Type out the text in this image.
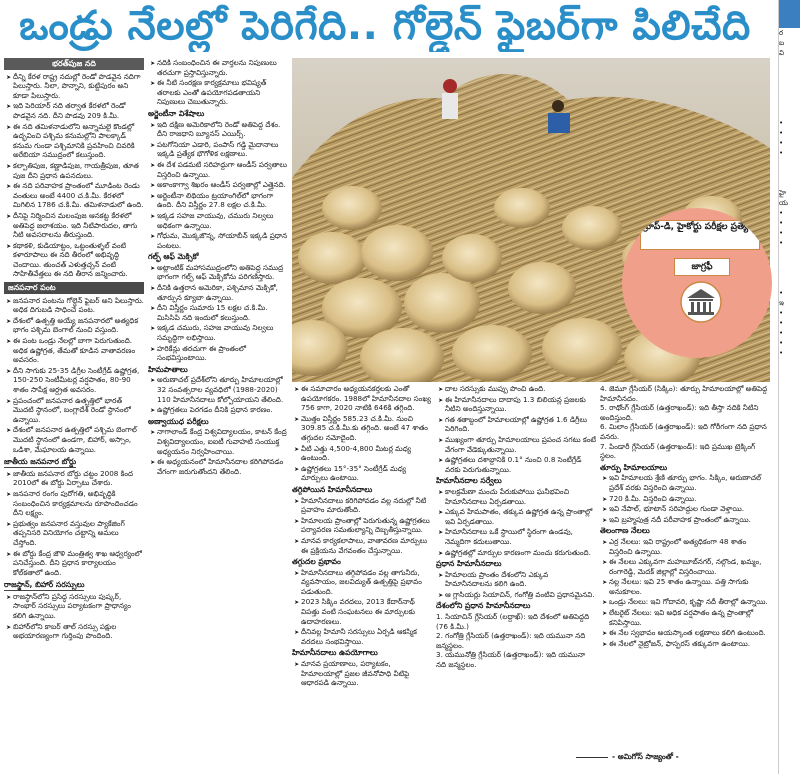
ఒండ్రు నేలల్లో పెరిగేది.. గోల్డెన్ ఫైబర్‌గా పిలిచేది
భరత్‌పుజ నది
• దీన్ని కేరళ రాష్ట్ర నదుల్లో రెండో పొడవైన నదిగా పిలుస్తారు. నీలా, పొన్నాని, కుట్టిపురం అని కూడా పిలుస్తారు.
• ఇది పెరియార్ నది తర్వాత కేరళలో రెండో పొడవైన నది. దీని పొడవు 209 కి.మీ.
• ఈ నది తమిళనాడులోని అన్నామలై కొండల్లో ఉద్భవించి పశ్చిమ కనుమల్లోని పాలక్కాడ్ కనుమ గుండా పశ్చిమానికి ప్రవహించి చివరికి అరేబియా సముద్రంలో కలుస్తుంది.
• కల్పాతిపుజ, కణ్ణాడిపుజ, గాయత్రీపుజ, తూత పుజ దీని ప్రధాన ఉపనదులు.
• ఈ నది పరివాహక ప్రాంతంలో మూడింట రెండు వంతులు అంటే 4400 చ.కి.మీ. కేరళలో మిగిలిన 1786 చ.కి.మీ. తమిళనాడులో ఉంది.
• దీనిపై నిర్మించిన మలంపుజ ఆనకట్ట కేరళలో అతిపెద్ద జలాశయం. ఇది నీటిపారుదల, తాగు నీటి అవసరాలను తీరుస్తుంది.
• కథాకళి, కుడియాట్టం, ఒట్టంతుళ్ళల్ వంటి కళారూపాలు ఈ నది తీరంలో అభివృద్ధి చెందాయి. తుంచత్ ఎళుత్తచ్చన్ వంటి సాహితీవేత్తలు ఈ నది తీరాన జన్మించారు.
జనపనార పంట
• జనపనార పంటను గోల్డెన్ ఫైబర్ అని పిలుస్తారు. అధిక దిగుబడి సాధించే పంట.
• దేశంలో ఉత్పత్తి అయ్యే జనపనారలో అత్యధిక భాగం పశ్చిమ బెంగాల్ నుంచి వస్తుంది.
• ఈ పంట ఒండ్రు నేలల్లో బాగా పెరుగుతుంది. అధిక ఉష్ణోగ్రత, తేమతో కూడిన వాతావరణం అవసరం.
• దీని సాగుకు 25-35 డిగ్రీల సెంటీగ్రేడ్ ఉష్ణోగ్రత, 150-250 సెంటీమీటర్ల వర్షపాతం, 80-90 శాతం సాపేక్ష ఆర్ద్రత అవసరం.
• ప్రపంచంలో జనపనార ఉత్పత్తిలో భారత్ మొదటి స్థానంలో, బంగ్లాదేశ్ రెండో స్థానంలో ఉన్నాయి.
• దేశంలో జనపనార ఉత్పత్తిలో పశ్చిమ బెంగాల్ మొదటి స్థానంలో ఉండగా, బిహార్, అస్సాం, ఒడిశా, మేఘాలయ ఉన్నాయి.
జాతీయ జనపనార బోర్డు
• జాతీయ జనపనార బోర్డు చట్టం 2008 కింద 2010లో ఈ బోర్డు ఏర్పాటు చేశారు.
• జనపనార రంగం పురోగతి, అభివృద్ధికి సంబంధించిన కార్యక్రమాలను రూపొందించడం దీని లక్ష్యం.
• ప్రభుత్వం జనపనార వస్తువుల ప్యాకేజింగ్ తప్పనిసరి వినియోగం చట్టాన్ని అమలు చేస్తోంది.
• ఈ బోర్డు కేంద్ర జౌళి మంత్రిత్వ శాఖ ఆధ్వర్యంలో పనిచేస్తుంది. దీని ప్రధాన కార్యాలయం కోల్‌కతాలో ఉంది.
రాజస్థాన్, బిహార్ సరస్సులు
• రాజస్థాన్‌లోని ప్రసిద్ధ సరస్సులు పుష్కర్, సాంభార్ సరస్సులు పర్యాటకంగా ప్రాధాన్యం కలిగి ఉన్నాయి.
• బిహార్‌లోని కాబర్ తాల్ సరస్సు పక్షుల అభయారణ్యంగా గుర్తింపు పొందింది.
• నదికి సంబంధించిన ఈ వార్తలను నిపుణులు తరచుగా ప్రస్తావిస్తున్నారు.
• ఈ నీటి సంరక్షణ కార్యక్రమాలు భవిష్యత్ తరాలకు ఎంతో ఉపయోగపడతాయని నిపుణులు చెబుతున్నారు.
అర్జెంటీనా విశేషాలు
• ఇది దక్షిణ అమెరికాలోని రెండో అతిపెద్ద దేశం. దీని రాజధాని బ్యూనస్ ఎయిర్స్.
• పటగోనియా ఎడారి, పంపాస్ గడ్డి మైదానాలు ఇక్కడి ప్రత్యేక భౌగోళిక లక్షణాలు.
• ఈ దేశ పడమటి సరిహద్దుగా ఆండీస్ పర్వతాలు విస్తరించి ఉన్నాయి.
• అకాంకాగ్వా శిఖరం ఆండీస్ పర్వతాల్లో ఎత్తైనది.
• అర్జెంటీనా లిథియం ట్రయాంగిల్‌లో భాగంగా ఉంది. దీని విస్తీర్ణం 27.8 లక్షల చ.కి.మీ.
• ఇక్కడ సహజ వాయువు, చమురు నిల్వలు అధికంగా ఉన్నాయి.
• గోధుమ, మొక్కజొన్న, సోయాబీన్ ఇక్కడి ప్రధాన పంటలు.
గల్ఫ్ ఆఫ్ మెక్సికో
• అట్లాంటిక్ మహాసముద్రంలోని అతిపెద్ద సముద్ర భాగంగా గల్ఫ్ ఆఫ్ మెక్సికోను పరిగణిస్తారు.
• దీనికి ఉత్తరాన అమెరికా, పశ్చిమాన మెక్సికో, తూర్పున క్యూబా ఉన్నాయి.
• దీని విస్తీర్ణం సుమారు 15 లక్షల చ.కి.మీ. మిసిసిపి నది ఇందులో కలుస్తుంది.
• ఇక్కడ చమురు, సహజ వాయువు నిల్వలు సమృద్ధిగా లభిస్తాయి.
• హరికేన్లు తరచుగా ఈ ప్రాంతంలో సంభవిస్తుంటాయి.
హిమపాతాలు
• అరుణాచల్ ప్రదేశ్‌లోని తూర్పు హిమాలయాల్లో 32 సంవత్సరాల వ్యవధిలో (1988-2020) 110 హిమానీనదాలు కోల్పోయాయని తేలింది.
• ఉష్ణోగ్రతలు పెరగడం దీనికి ప్రధాన కారణం.
అణ్వాయుధ పరీక్షలు
• నాగాలాండ్ కేంద్ర విశ్వవిద్యాలయం, కాటన్ కేంద్ర విశ్వవిద్యాలయం, ఐఐటీ గువాహటి సంయుక్త అధ్యయనం నిర్వహించాయి.
• ఈ అధ్యయనంలో హిమానీనదాల కరిగిపోవడం వేగంగా జరుగుతోందని తేలింది.
• ఈ సమాచారం అధ్యయనకర్తలకు ఎంతో ఉపయోగకరం. 1988లో హిమానీనదాల సంఖ్య 756 కాగా, 2020 నాటికి 646కి తగ్గింది.
• మొత్తం విస్తీర్ణం 585.23 చ.కి.మీ. నుంచి 309.85 చ.కి.మీ.కు తగ్గింది. అంటే 47 శాతం తగ్గుదల నమోదైంది.
• వీటి ఎత్తు 4,500-4,800 మీటర్ల మధ్య ఉంటుంది.
• ఉష్ణోగ్రతలు 15°-35° సెంటీగ్రేడ్ మధ్య మార్పులు ఉంటాయి.
తగ్గిపోయిన హిమానీనదాలు
• హిమానీనదాలు కరిగిపోవడం వల్ల నదుల్లో నీటి ప్రవాహం మారుతోంది.
• హిమాలయ ప్రాంతాల్లో పెరుగుతున్న ఉష్ణోగ్రతలు పర్యావరణ సమతుల్యాన్ని దెబ్బతీస్తున్నాయి.
• మానవ కార్యకలాపాలు, వాతావరణ మార్పులు ఈ ప్రక్రియను వేగవంతం చేస్తున్నాయి.
తగ్గుదల ప్రభావం
• హిమానీనదాలు తగ్గిపోవడం వల్ల తాగునీరు, వ్యవసాయం, జలవిద్యుత్ ఉత్పత్తిపై ప్రభావం పడుతుంది.
• 2023 సిక్కిం వరదలు, 2013 కేదార్‌నాథ్ విపత్తు వంటి సంఘటనలు ఈ మార్పులకు ఉదాహరణలు.
• దీనివల్ల హిమానీ సరస్సులు ఏర్పడి ఆకస్మిక వరదలు సంభవిస్తాయి.
హిమానీనదాలు ఉపయోగాలు
• మానవ ప్రయాణాలు, పర్యాటకం, హిమాలయాల్లో ప్రజల జీవనోపాధి వీటిపై ఆధారపడి ఉన్నాయి.
• దాల సరస్సుకు ముప్పు పొంచి ఉంది.
• ఈ హిమానీనదాలు దాదాపు 1.3 బిలియన్ల ప్రజలకు నీటిని అందిస్తున్నాయి.
• గత శతాబ్దంలో హిమాలయాల్లో ఉష్ణోగ్రత 1.6 డిగ్రీలు పెరిగింది.
• ముఖ్యంగా తూర్పు హిమాలయాలు ప్రపంచ సగటు కంటే వేగంగా వేడెక్కుతున్నాయి.
• ఉష్ణోగ్రతలు దశాబ్దానికి 0.1° నుంచి 0.8 సెంటీగ్రేడ్ వరకు పెరుగుతున్నాయి.
హిమానీనదాల సర్వేలు
• కాలక్రమేణా మంచు పేరుకుపోయి ఘనీభవించి హిమానీనదాలు ఏర్పడతాయి.
• ఎక్కువ హిమపాతం, తక్కువ ఉష్ణోగ్రత ఉన్న ప్రాంతాల్లో ఇవి ఏర్పడతాయి.
• హిమానీనదాలు ఒకే స్థాయిలో స్థిరంగా ఉండవు, నెమ్మదిగా కదులుతాయి.
• ఉష్ణోగ్రతల్లో మార్పుల కారణంగా మంచు కరుగుతుంది.
ప్రధాన హిమానీనదాలు
• హిమాలయ ప్రాంతం దేశంలోని ఎక్కువ హిమానీనదాలను కలిగి ఉంది.
• ఆ గ్లాసియర్లు సియాచిన్, గంగోత్రి వంటివి ప్రధానమైనవి.
దేశంలోని ప్రధాన హిమానీనదాలు
1. సియాచిన్ గ్లేసియర్ (లద్దాఖ్): ఇది దేశంలో అతిపెద్దది (76 కి.మీ.)
2. గంగోత్రి గ్లేసియర్ (ఉత్తరాఖండ్): ఇది యమునా నది జన్మస్థలం.
3. యమునోత్రి గ్లేసియర్ (ఉత్తరాఖండ్): ఇది యమునా నది జన్మస్థలం.
4. జెమూ గ్లేసియర్ (సిక్కిం): తూర్పు హిమాలయాల్లో అతిపెద్ద హిమానీనదం.
5. రాథోంగ్ గ్లేసియర్ (ఉత్తరాఖండ్): ఇది తీస్తా నదికి నీటిని అందిస్తుంది.
6. మిలాం గ్లేసియర్ (ఉత్తరాఖండ్): ఇది గోరీగంగా నది ప్రధాన వనరు.
7. పిండారీ గ్లేసియర్ (ఉత్తరాఖండ్): ఇది ప్రముఖ ట్రెక్కింగ్ స్థలం.
తూర్పు హిమాలయాలు
• ఇవి హిమాలయ శ్రేణి తూర్పు భాగం. సిక్కిం, అరుణాచల్ ప్రదేశ్ వరకు విస్తరించి ఉన్నాయి.
• 720 కి.మీ. విస్తరించి ఉన్నాయి.
• ఇవి నేపాల్, భూటాన్ సరిహద్దుల గుండా వెళ్తాయి.
• ఇవి బ్రహ్మపుత్ర నదీ పరీవాహక ప్రాంతంలో ఉన్నాయి.
తెలంగాణ నేలలు
• ఎర్ర నేలలు: ఇవి రాష్ట్రంలో అత్యధికంగా 48 శాతం విస్తరించి ఉన్నాయి.
• ఈ నేలలు ఎక్కువగా మహబూబ్‌నగర్, నల్గొండ, ఖమ్మం, రంగారెడ్డి, మెదక్ జిల్లాల్లో విస్తరించాయి.
• నల్ల నేలలు: ఇవి 25 శాతం ఉన్నాయి. పత్తి సాగుకు అనుకూలం.
• ఒండ్రు నేలలు: ఇవి గోదావరి, కృష్ణా నదీ తీరాల్లో ఉన్నాయి.
• లేటరైట్ నేలలు: ఇవి అధిక వర్షపాతం ఉన్న ప్రాంతాల్లో కనిపిస్తాయి.
• ఈ నేల స్వభావం అయస్కాంత లక్షణాలు కలిగి ఉంటుంది.
• ఈ నేలలో నైట్రోజన్, ఫాస్ఫరస్ తక్కువగా ఉంటాయి.
గ్రూప్-డి, హైకోర్టు పరీక్షల ప్రత్యేకం
జాగ్రఫీ
- అమిగోస్ సాజ్యంతో -
ర
బ
వి
•
•
•
•
హై
య
•
•
•
•
•
ఇ
•
•
•
•
•
